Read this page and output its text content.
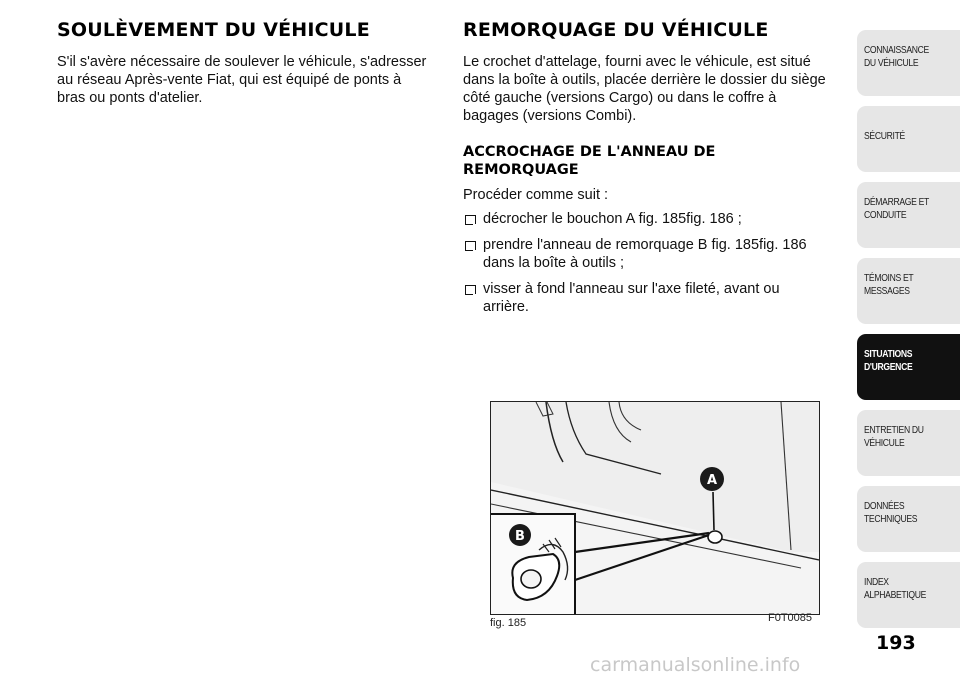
SOULÈVEMENT DU VÉHICULE

S'il s'avère nécessaire de soulever le véhicule, s'adresser

au réseau Après-vente Fiat, qui est équipé de ponts à

bras ou ponts d'atelier.

REMORQUAGE DU VÉHICULE

Le crochet d'attelage, fourni avec le véhicule, est situé

dans la boîte à outils, placée derrière le dossier du siège

côté gauche (versions Cargo) ou dans le coffre à

bagages (versions Combi).

ACCROCHAGE DE L'ANNEAU DE
REMORQUAGE

Procéder comme suit :

décrocher le bouchon A fig. 185fig. 186 ;
prendre l'anneau de remorquage B fig. 185fig. 186
dans la boîte à outils ;
visser à fond l'anneau sur l'axe fileté, avant ou
arrière.
A
B
fig. 185	F0T0085
CONNAISSANCE
DU VÉHICULE
SÉCURITÉ
DÉMARRAGE ET
CONDUITE
TÉMOINS ET
MESSAGES
SITUATIONS
D'URGENCE
ENTRETIEN DU
VÉHICULE
DONNÉES
TECHNIQUES
INDEX
ALPHABETIQUE
193
carmanualsonline.info
